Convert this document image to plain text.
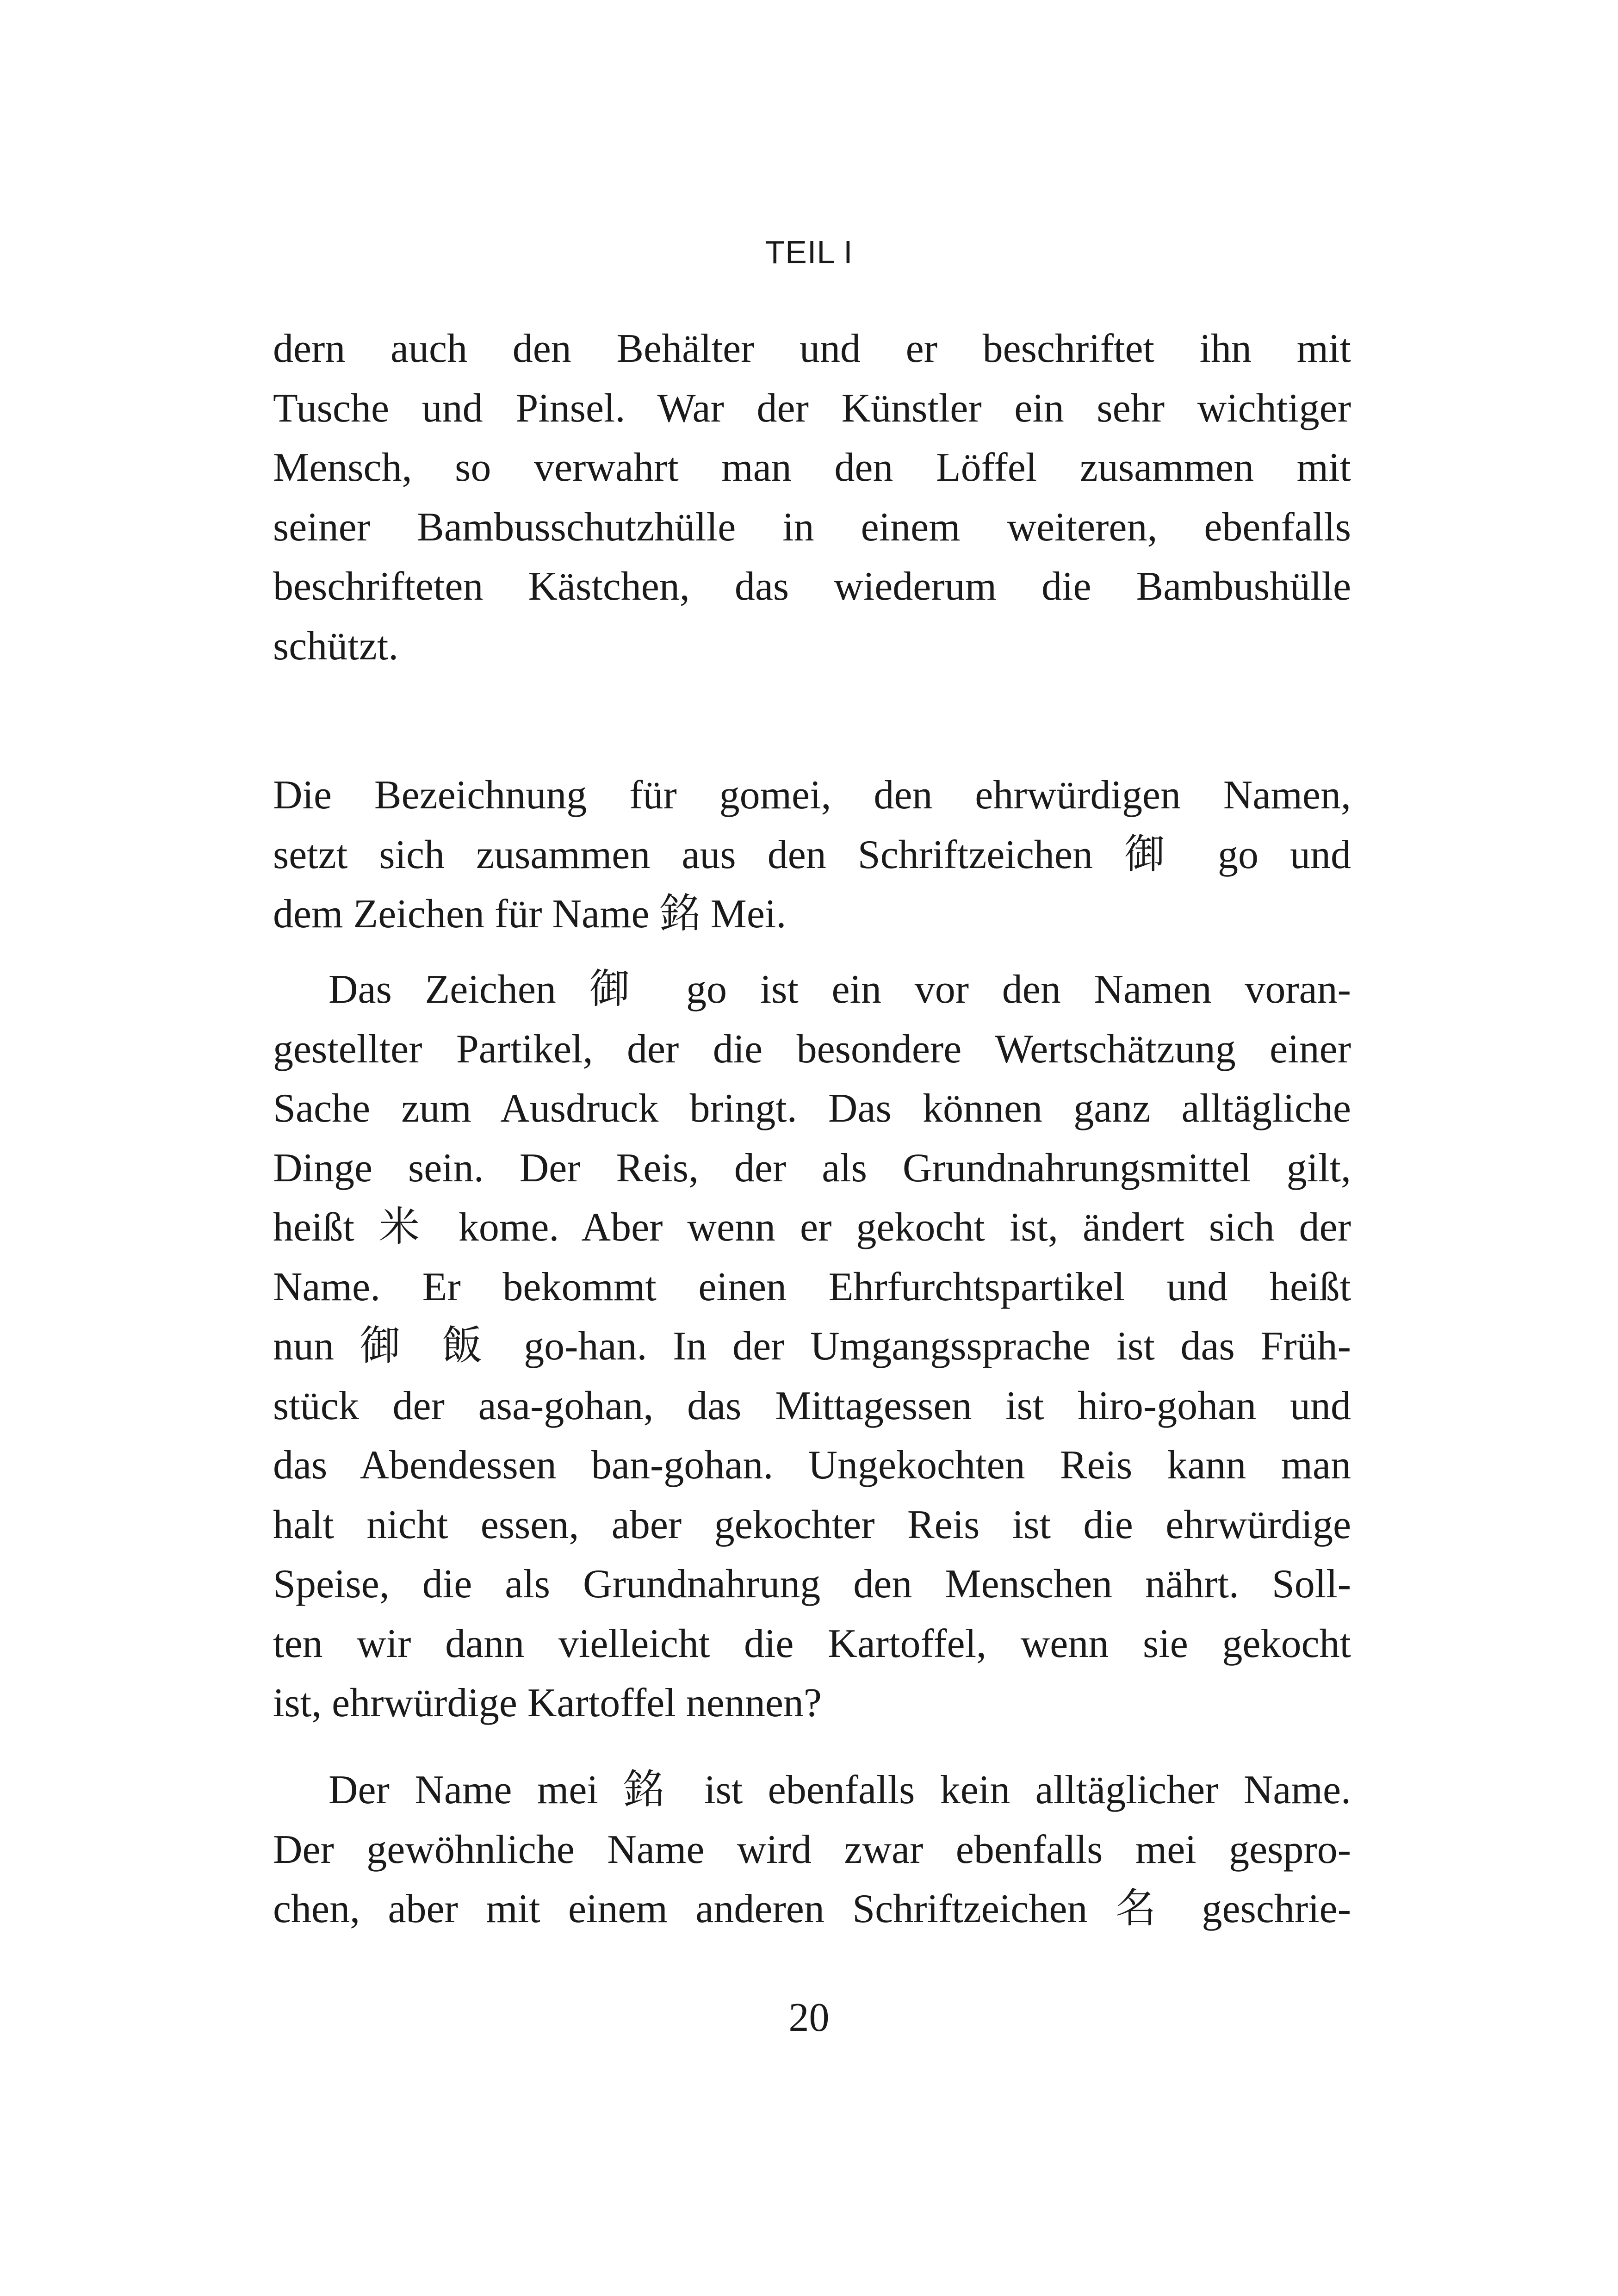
TEIL I
dern auch den Behälter und er beschriftet ihn mit
Tusche und Pinsel. War der Künstler ein sehr wichtiger
Mensch, so verwahrt man den Löffel zusammen mit
seiner Bambusschutzhülle in einem weiteren, ebenfalls
beschrifteten Kästchen, das wiederum die Bambushülle
schützt.
Die Bezeichnung für gomei, den ehrwürdigen Namen,
setzt sich zusammen aus den Schriftzeichen 御 go und
dem Zeichen für Name 銘 Mei.
Das Zeichen 御 go ist ein vor den Namen voran-
gestellter Partikel, der die besondere Wertschätzung einer
Sache zum Ausdruck bringt. Das können ganz alltägliche
Dinge sein. Der Reis, der als Grundnahrungsmittel gilt,
heißt 米 kome. Aber wenn er gekocht ist, ändert sich der
Name. Er bekommt einen Ehrfurchtspartikel und heißt
nun 御 飯 go-han. In der Umgangssprache ist das Früh-
stück der asa-gohan, das Mittagessen ist hiro-gohan und
das Abendessen ban-gohan. Ungekochten Reis kann man
halt nicht essen, aber gekochter Reis ist die ehrwürdige
Speise, die als Grundnahrung den Menschen nährt. Soll-
ten wir dann vielleicht die Kartoffel, wenn sie gekocht
ist, ehrwürdige Kartoffel nennen?
Der Name mei 銘 ist ebenfalls kein alltäglicher Name.
Der gewöhnliche Name wird zwar ebenfalls mei gespro-
chen, aber mit einem anderen Schriftzeichen 名 geschrie-
20
